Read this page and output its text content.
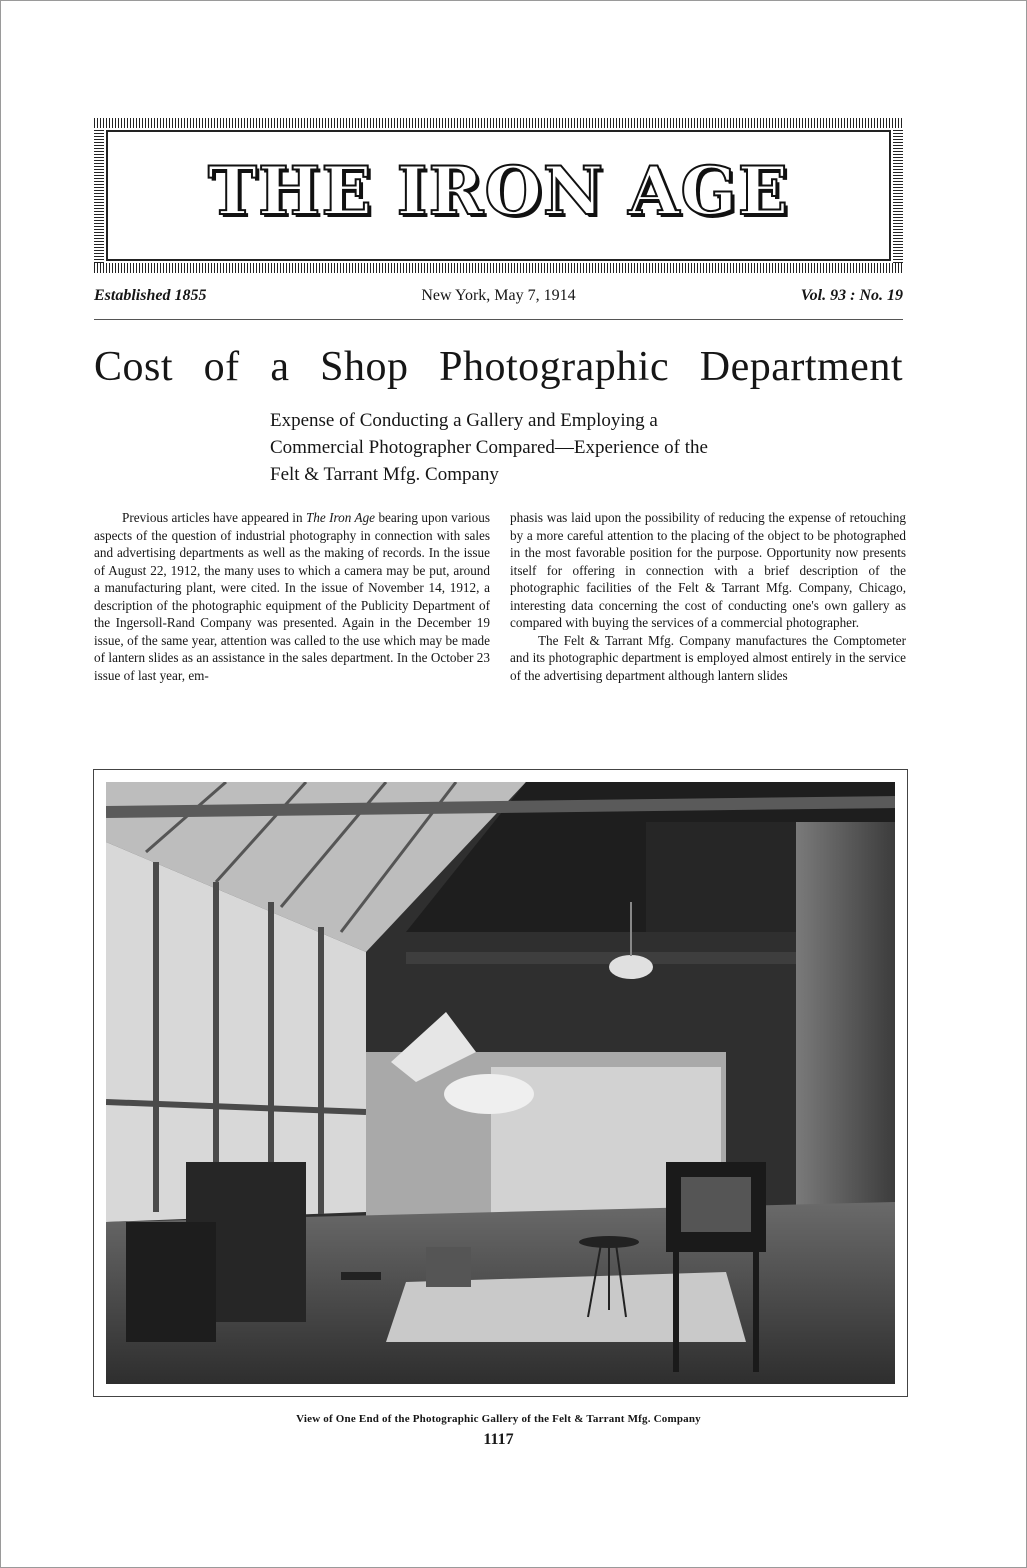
THE IRON AGE
Established 1855	New York, May 7, 1914	Vol. 93 : No. 19
Cost of a Shop Photographic Department
Expense of Conducting a Gallery and Employing a Commercial Photographer Compared—Experience of the Felt & Tarrant Mfg. Company

Previous articles have appeared in The Iron Age bearing upon various aspects of the question of industrial photography in connection with sales and advertising departments as well as the making of records. In the issue of August 22, 1912, the many uses to which a camera may be put, around a manufacturing plant, were cited. In the issue of November 14, 1912, a description of the photographic equipment of the Publicity Department of the Ingersoll-Rand Company was presented. Again in the December 19 issue, of the same year, attention was called to the use which may be made of lantern slides as an assistance in the sales department. In the October 23 issue of last year, em-

phasis was laid upon the possibility of reducing the expense of retouching by a more careful attention to the placing of the object to be photographed in the most favorable position for the purpose. Opportunity now presents itself for offering in connection with a brief description of the photographic facilities of the Felt & Tarrant Mfg. Company, Chicago, interesting data concerning the cost of conducting one's own gallery as compared with buying the services of a commercial photographer.

The Felt & Tarrant Mfg. Company manufactures the Comptometer and its photographic department is employed almost entirely in the service of the advertising department although lantern slides

View of One End of the Photographic Gallery of the Felt & Tarrant Mfg. Company
1117
